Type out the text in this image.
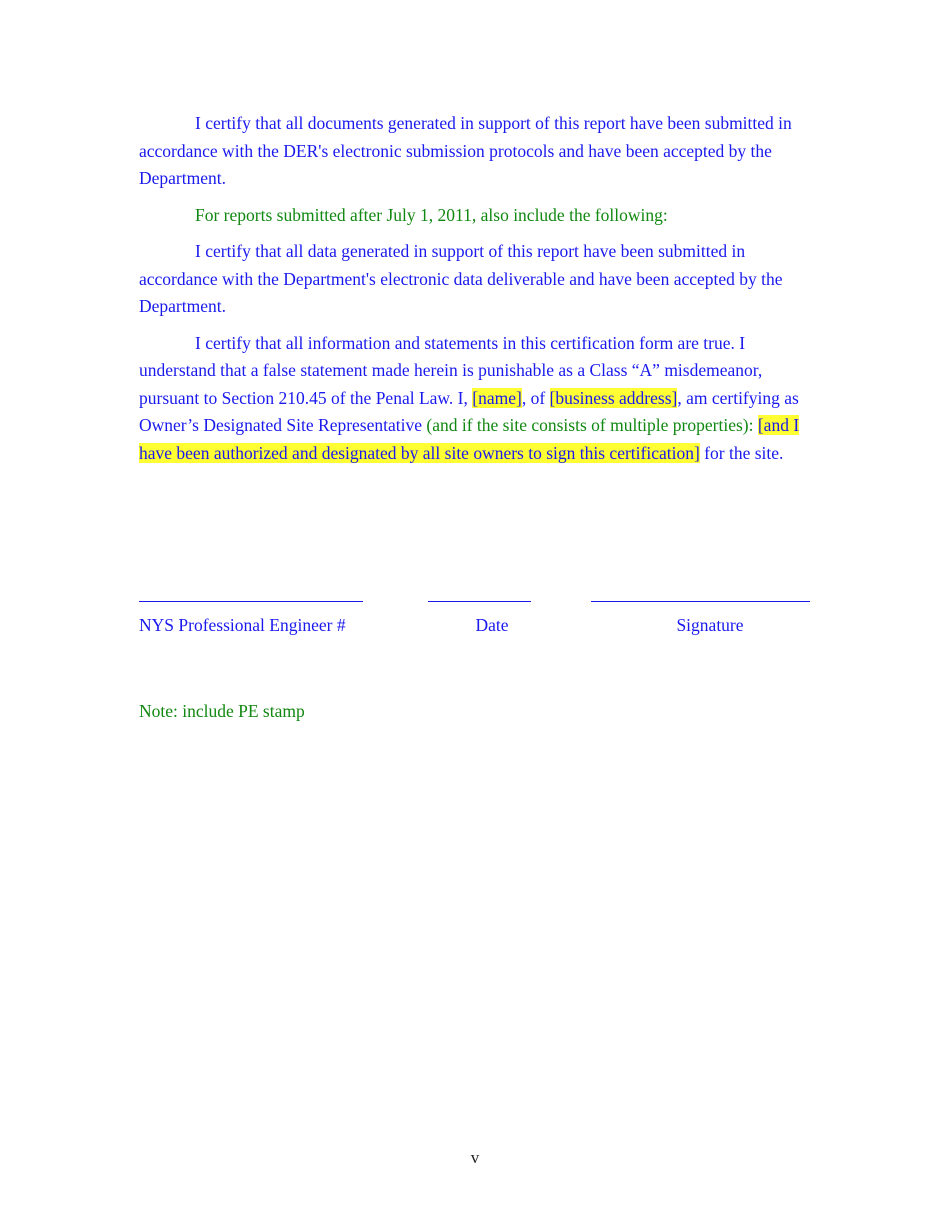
I certify that all documents generated in support of this report have been submitted in accordance with the DER's electronic submission protocols and have been accepted by the Department.

For reports submitted after July 1, 2011, also include the following:

I certify that all data generated in support of this report have been submitted in accordance with the Department's electronic data deliverable and have been accepted by the Department.

I certify that all information and statements in this certification form are true. I understand that a false statement made herein is punishable as a Class “A” misdemeanor, pursuant to Section 210.45 of the Penal Law. I, [name], of [business address], am certifying as Owner’s Designated Site Representative (and if the site consists of multiple properties): [and I have been authorized and designated by all site owners to sign this certification] for the site.

NYS Professional Engineer #	Date	Signature
Note: include PE stamp
v
